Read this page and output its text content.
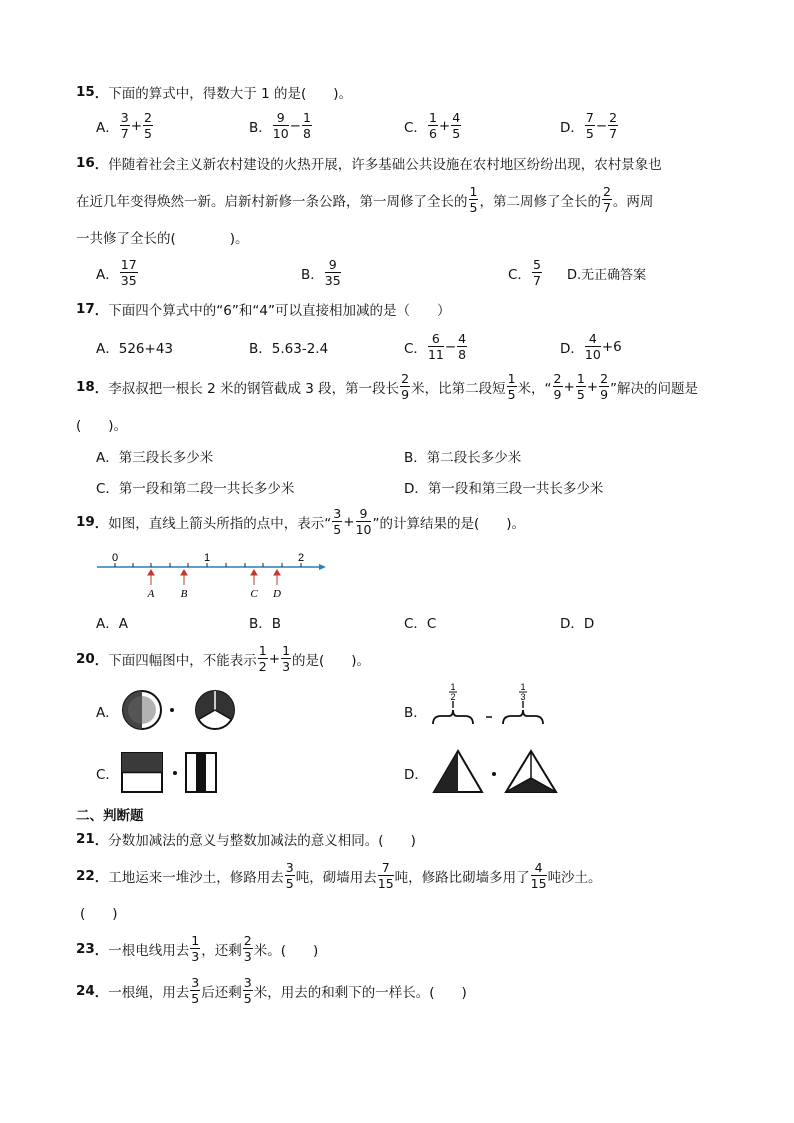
15 ． 下面的算式中，得数大于 1 的是(　　)。
A． $\frac{3}{7} + \frac{2}{5}$	B． $\frac{9}{10} - \frac{1}{8}$	C． $\frac{1}{6} + \frac{4}{5}$	D． $\frac{7}{5} - \frac{2}{7}$
16 ． 伴随着社会主义新农村建设的火热开展，许多基础公共设施在农村地区纷纷出现，农村景象也
在近几年变得焕然一新。启新村新修一条公路，第一周修了全长的 $\frac{1}{5}$ ，第二周修了全长的 $\frac{2}{7}$ 。两周
一共修了全长的(　　　　)。
A． $\frac{17}{35}$	B． $\frac{9}{35}$	C． $\frac{5}{7} D$.无正确答案
17 ． 下面四个算式中的“6”和“4”可以直接相加减的是（　　）
A．526+43	B．5.63-2.4	C． $\frac{6}{11} - \frac{4}{8}$	D． $\frac{4}{10} +6$
18 ． 李叔叔把一根长 2 米的钢管截成 3 段，第一段长 $\frac{2}{9}$ 米，比第二段短 $\frac{1}{5}$ 米，“ $\frac{2}{9} + \frac{1}{5} + \frac{2}{9}$ ”解决的问题是
(　　)。
A．第三段长多少米	B．第二段长多少米
C．第一段和第二段一共长多少米	D．第一段和第三段一共长多少米
19 ． 如图，直线上箭头所指的点中，表示“ $\frac{3}{5} + \frac{9}{10}$ ”的计算结果的是(　　)。
0	1	2
A B	C D
A．A	B．B	C．C	D．D
20 ． 下面四幅图中，不能表示 $\frac{1}{2} + \frac{1}{3}$ 的是(　　)。
A．	B．
1
2
1
3
C．	D．
二、判断题
21 ． 分数加减法的意义与整数加减法的意义相同。(　　)
22 ． 工地运来一堆沙土，修路用去 $\frac{3}{5}$ 吨，砌墙用去 $\frac{7}{15}$ 吨，修路比砌墙多用了 $\frac{4}{15}$ 吨沙土。
(　　)
23 ． 一根电线用去 $\frac{1}{3}$ ，还剩 $\frac{2}{3}$ 米。(　　)
24 ． 一根绳，用去 $\frac{3}{5}$ 后还剩 $\frac{3}{5}$ 米，用去的和剩下的一样长。(　　)
